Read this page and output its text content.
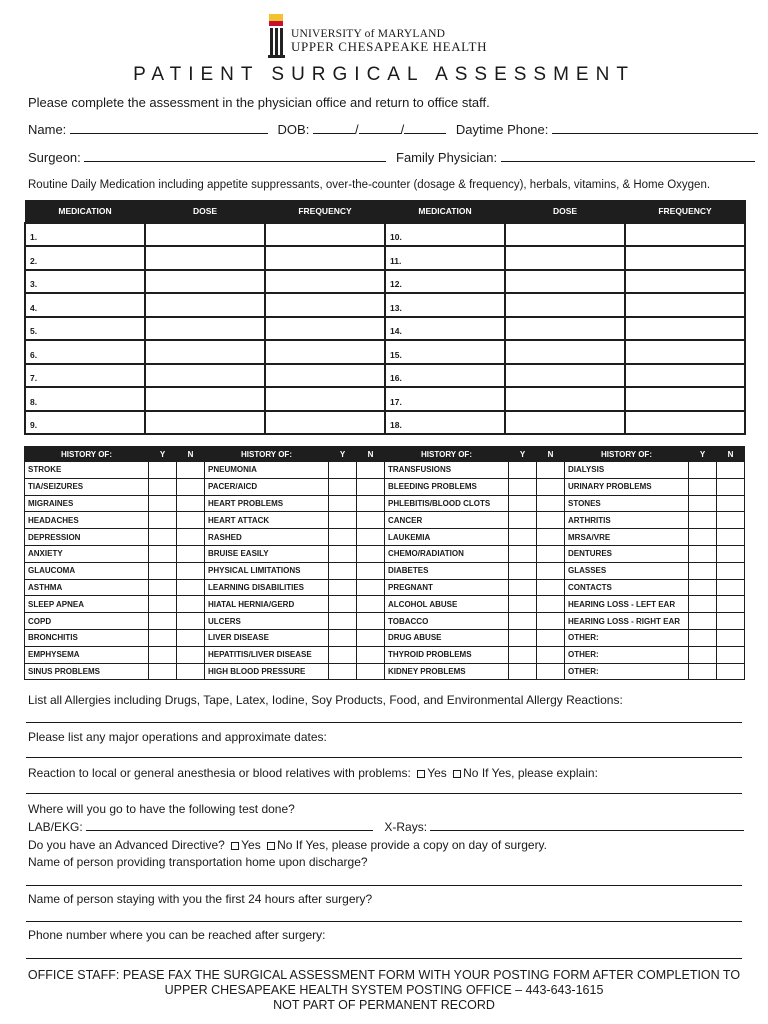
UNIVERSITY of MARYLAND
UPPER CHESAPEAKE HEALTH
PATIENT SURGICAL ASSESSMENT
Please complete the assessment in the physician office and return to office staff.
Name:	DOB:	/	/	Daytime Phone:
Surgeon:	Family Physician:
Routine Daily Medication including appetite suppressants, over-the-counter (dosage & frequency), herbals, vitamins, & Home Oxygen.
MEDICATION	DOSE	FREQUENCY	MEDICATION	DOSE	FREQUENCY
1.			10.		
2.			11.		
3.			12.		
4.			13.		
5.			14.		
6.			15.		
7.			16.		
8.			17.		
9.			18.		
HISTORY OF:	Y	N	HISTORY OF:	Y	N	HISTORY OF:	Y	N	HISTORY OF:	Y	N
STROKE			PNEUMONIA			TRANSFUSIONS			DIALYSIS		
TIA/SEIZURES			PACER/AICD			BLEEDING PROBLEMS			URINARY PROBLEMS		
MIGRAINES			HEART PROBLEMS			PHLEBITIS/BLOOD CLOTS			STONES		
HEADACHES			HEART ATTACK			CANCER			ARTHRITIS		
DEPRESSION			RASHED			LAUKEMIA			MRSA/VRE		
ANXIETY			BRUISE EASILY			CHEMO/RADIATION			DENTURES		
GLAUCOMA			PHYSICAL LIMITATIONS			DIABETES			GLASSES		
ASTHMA			LEARNING DISABILITIES			PREGNANT			CONTACTS		
SLEEP APNEA			HIATAL HERNIA/GERD			ALCOHOL ABUSE			HEARING LOSS - LEFT EAR		
COPD			ULCERS			TOBACCO			HEARING LOSS - RIGHT EAR		
BRONCHITIS			LIVER DISEASE			DRUG ABUSE			OTHER:		
EMPHYSEMA			HEPATITIS/LIVER DISEASE			THYROID PROBLEMS			OTHER:		
SINUS PROBLEMS			HIGH BLOOD PRESSURE			KIDNEY PROBLEMS			OTHER:		
List all Allergies including Drugs, Tape, Latex, Iodine, Soy Products, Food, and Environmental Allergy Reactions:
Please list any major operations and approximate dates:
Reaction to local or general anesthesia or blood relatives with problems: Yes No If Yes, please explain:
Where will you go to have the following test done?
LAB/EKG:	X-Rays:
Do you have an Advanced Directive? Yes No If Yes, please provide a copy on day of surgery.
Name of person providing transportation home upon discharge?
Name of person staying with you the first 24 hours after surgery?
Phone number where you can be reached after surgery:
OFFICE STAFF: PEASE FAX THE SURGICAL ASSESSMENT FORM WITH YOUR POSTING FORM AFTER COMPLETION TO
UPPER CHESAPEAKE HEALTH SYSTEM POSTING OFFICE – 443-643-1615
NOT PART OF PERMANENT RECORD
